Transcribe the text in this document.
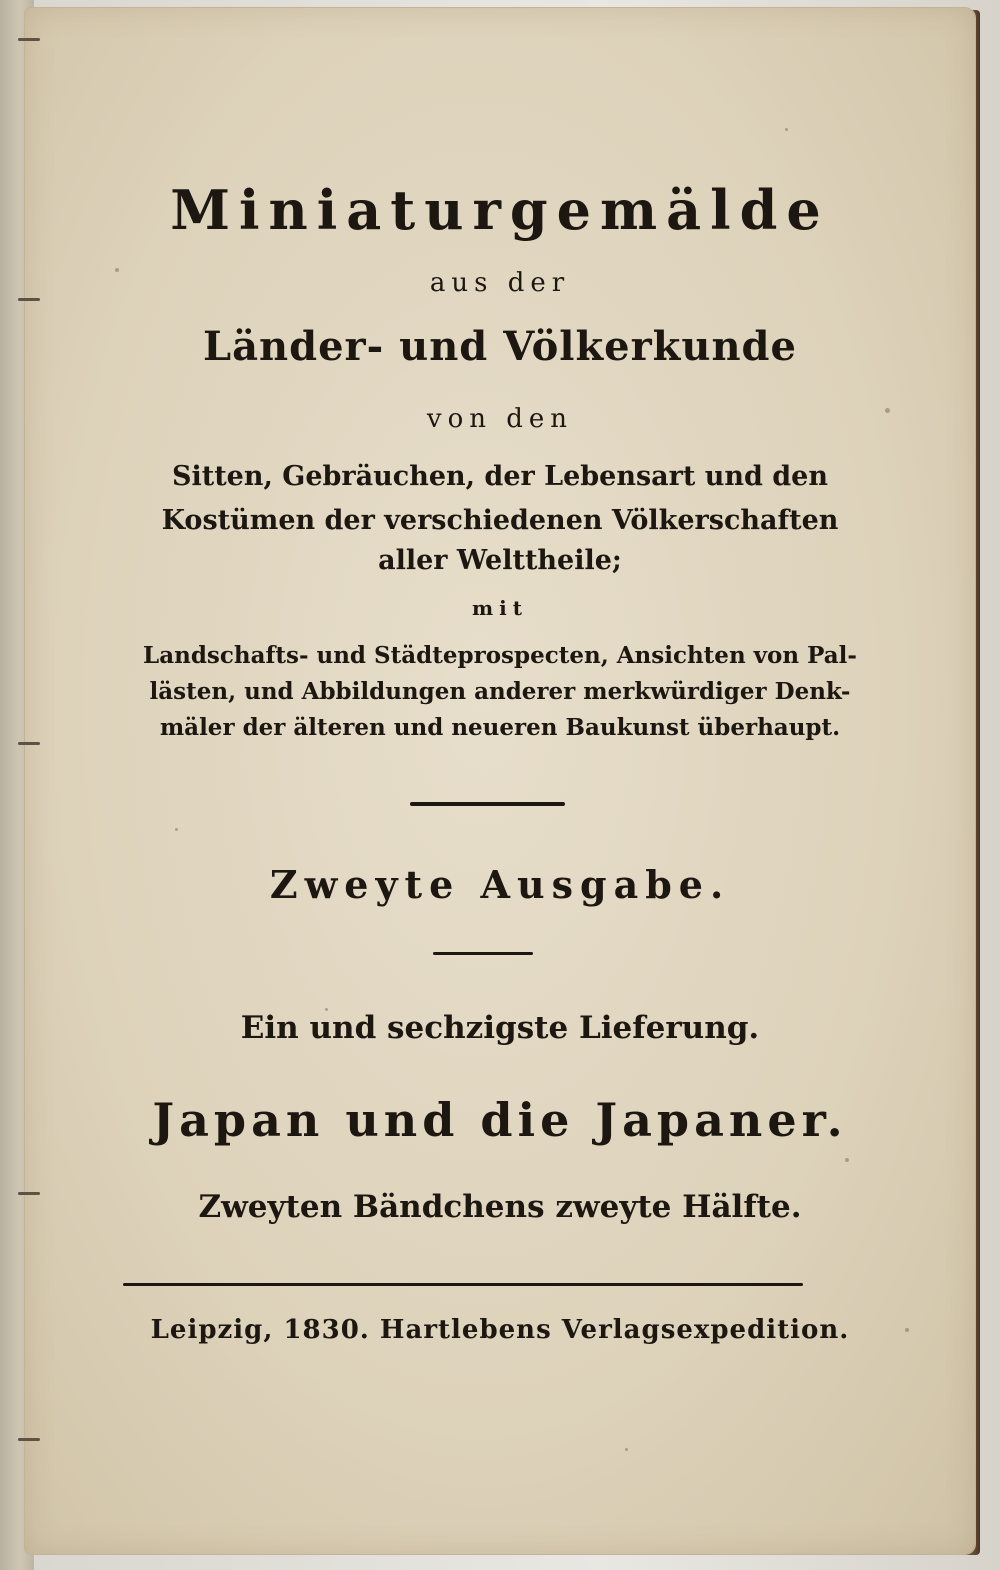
Miniaturgemälde
aus der
Länder- und Völkerkunde
von den
Sitten, Gebräuchen, der Lebensart und den
Kostümen der verschiedenen Völkerschaften
aller Welttheile;
mit
Landschafts- und Städteprospecten, Ansichten von Pal-
lästen, und Abbildungen anderer merkwürdiger Denk-
mäler der älteren und neueren Baukunst überhaupt.
Zweyte Ausgabe.
Ein und sechzigste Lieferung.
Japan und die Japaner.
Zweyten Bändchens zweyte Hälfte.
Leipzig, 1830. Hartlebens Verlagsexpedition.
